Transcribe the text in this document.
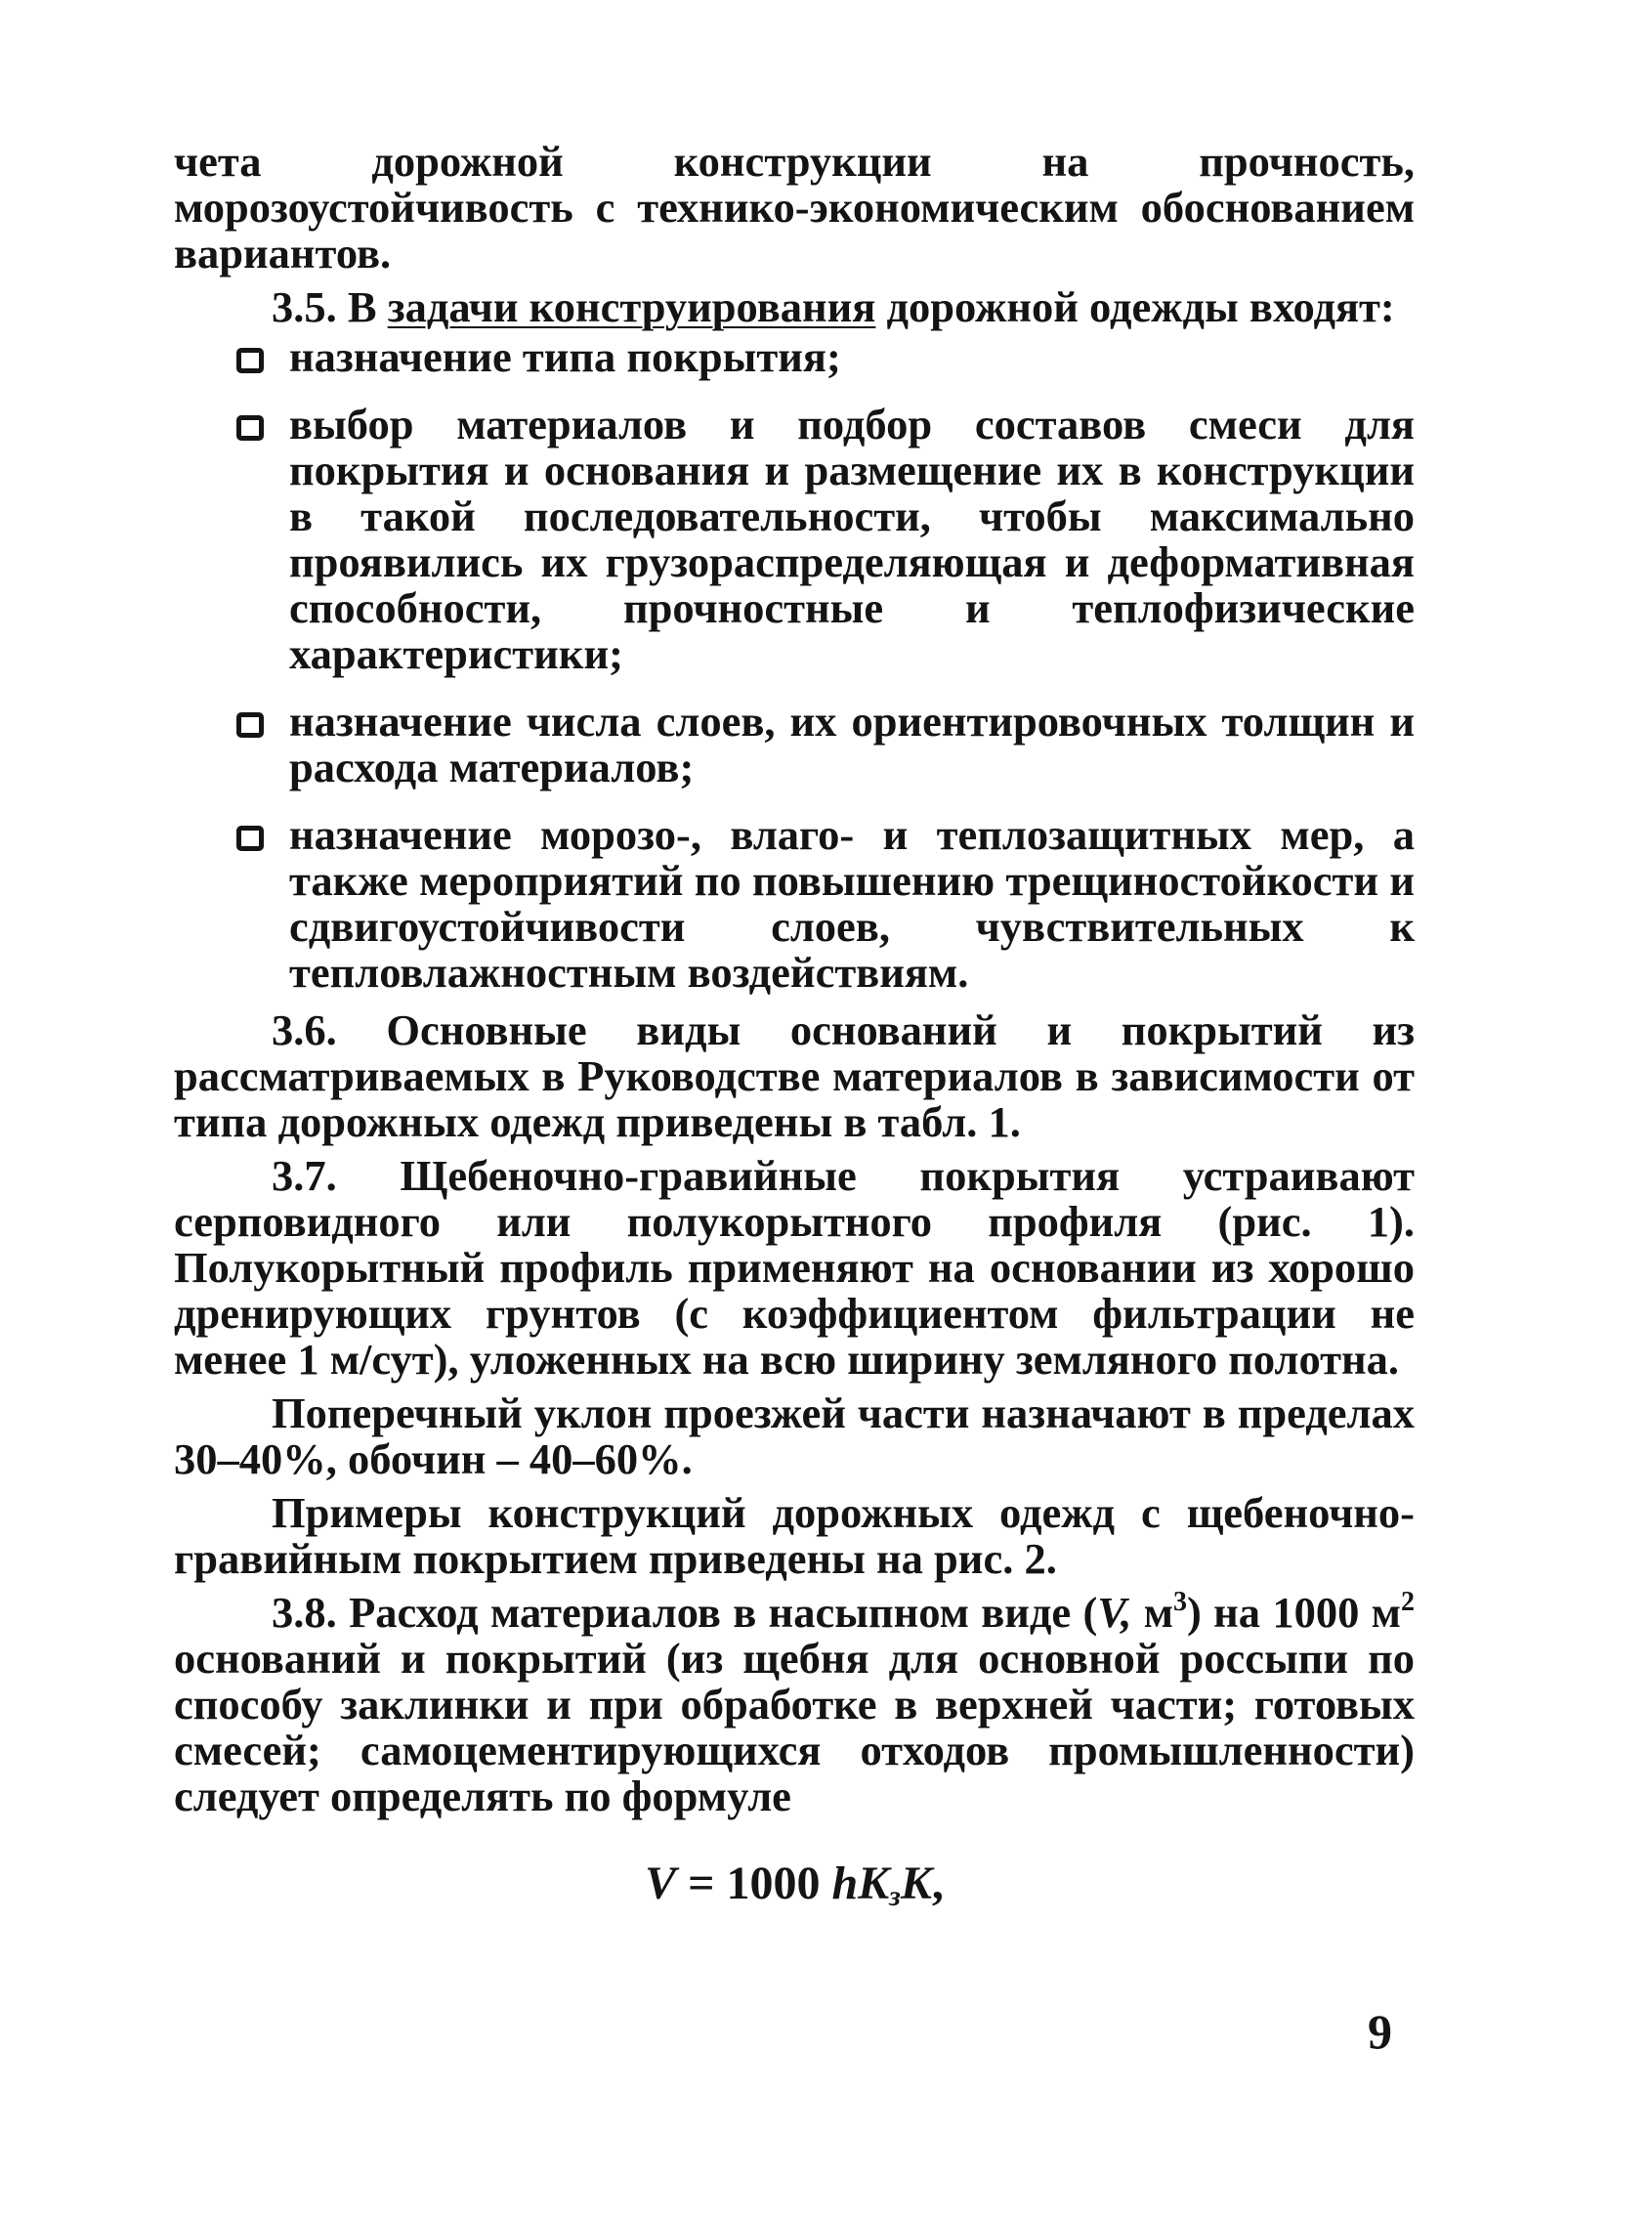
чета дорожной конструкции на прочность, морозоустойчивость с технико-экономическим обоснованием вариантов.

3.5. В задачи конструирования дорожной одежды входят:

назначение типа покрытия;
выбор материалов и подбор составов смеси для покрытия и основания и размещение их в конструкции в такой последовательности, чтобы максимально проявились их грузораспределяющая и деформативная способности, прочностные и теплофизические характеристики;
назначение числа слоев, их ориентировочных толщин и расхода материалов;
назначение морозо-, влаго- и теплозащитных мер, а также мероприятий по повышению трещиностойкости и сдвигоустойчивости слоев, чувствительных к тепловлажностным воздействиям.

3.6. Основные виды оснований и покрытий из рассматриваемых в Руководстве материалов в зависимости от типа дорожных одежд приведены в табл. 1.

3.7. Щебеночно-гравийные покрытия устраивают серповидного или полукорытного профиля (рис. 1). Полукорытный профиль применяют на основании из хорошо дренирующих грунтов (с коэффициентом фильтрации не менее 1 м/сут), уложенных на всю ширину земляного полотна.

Поперечный уклон проезжей части назначают в пределах 30–40%, обочин – 40–60%.

Примеры конструкций дорожных одежд с щебеночно-гравийным покрытием приведены на рис. 2.

3.8. Расход материалов в насыпном виде (V, $м^3$) на 1000 $м^2$ оснований и покрытий (из щебня для основной россыпи по способу заклинки и при обработке в верхней части; готовых смесей; самоцементирующихся отходов промышленности) следует определять по формуле

V = 1000 $hK_зK$,
9
